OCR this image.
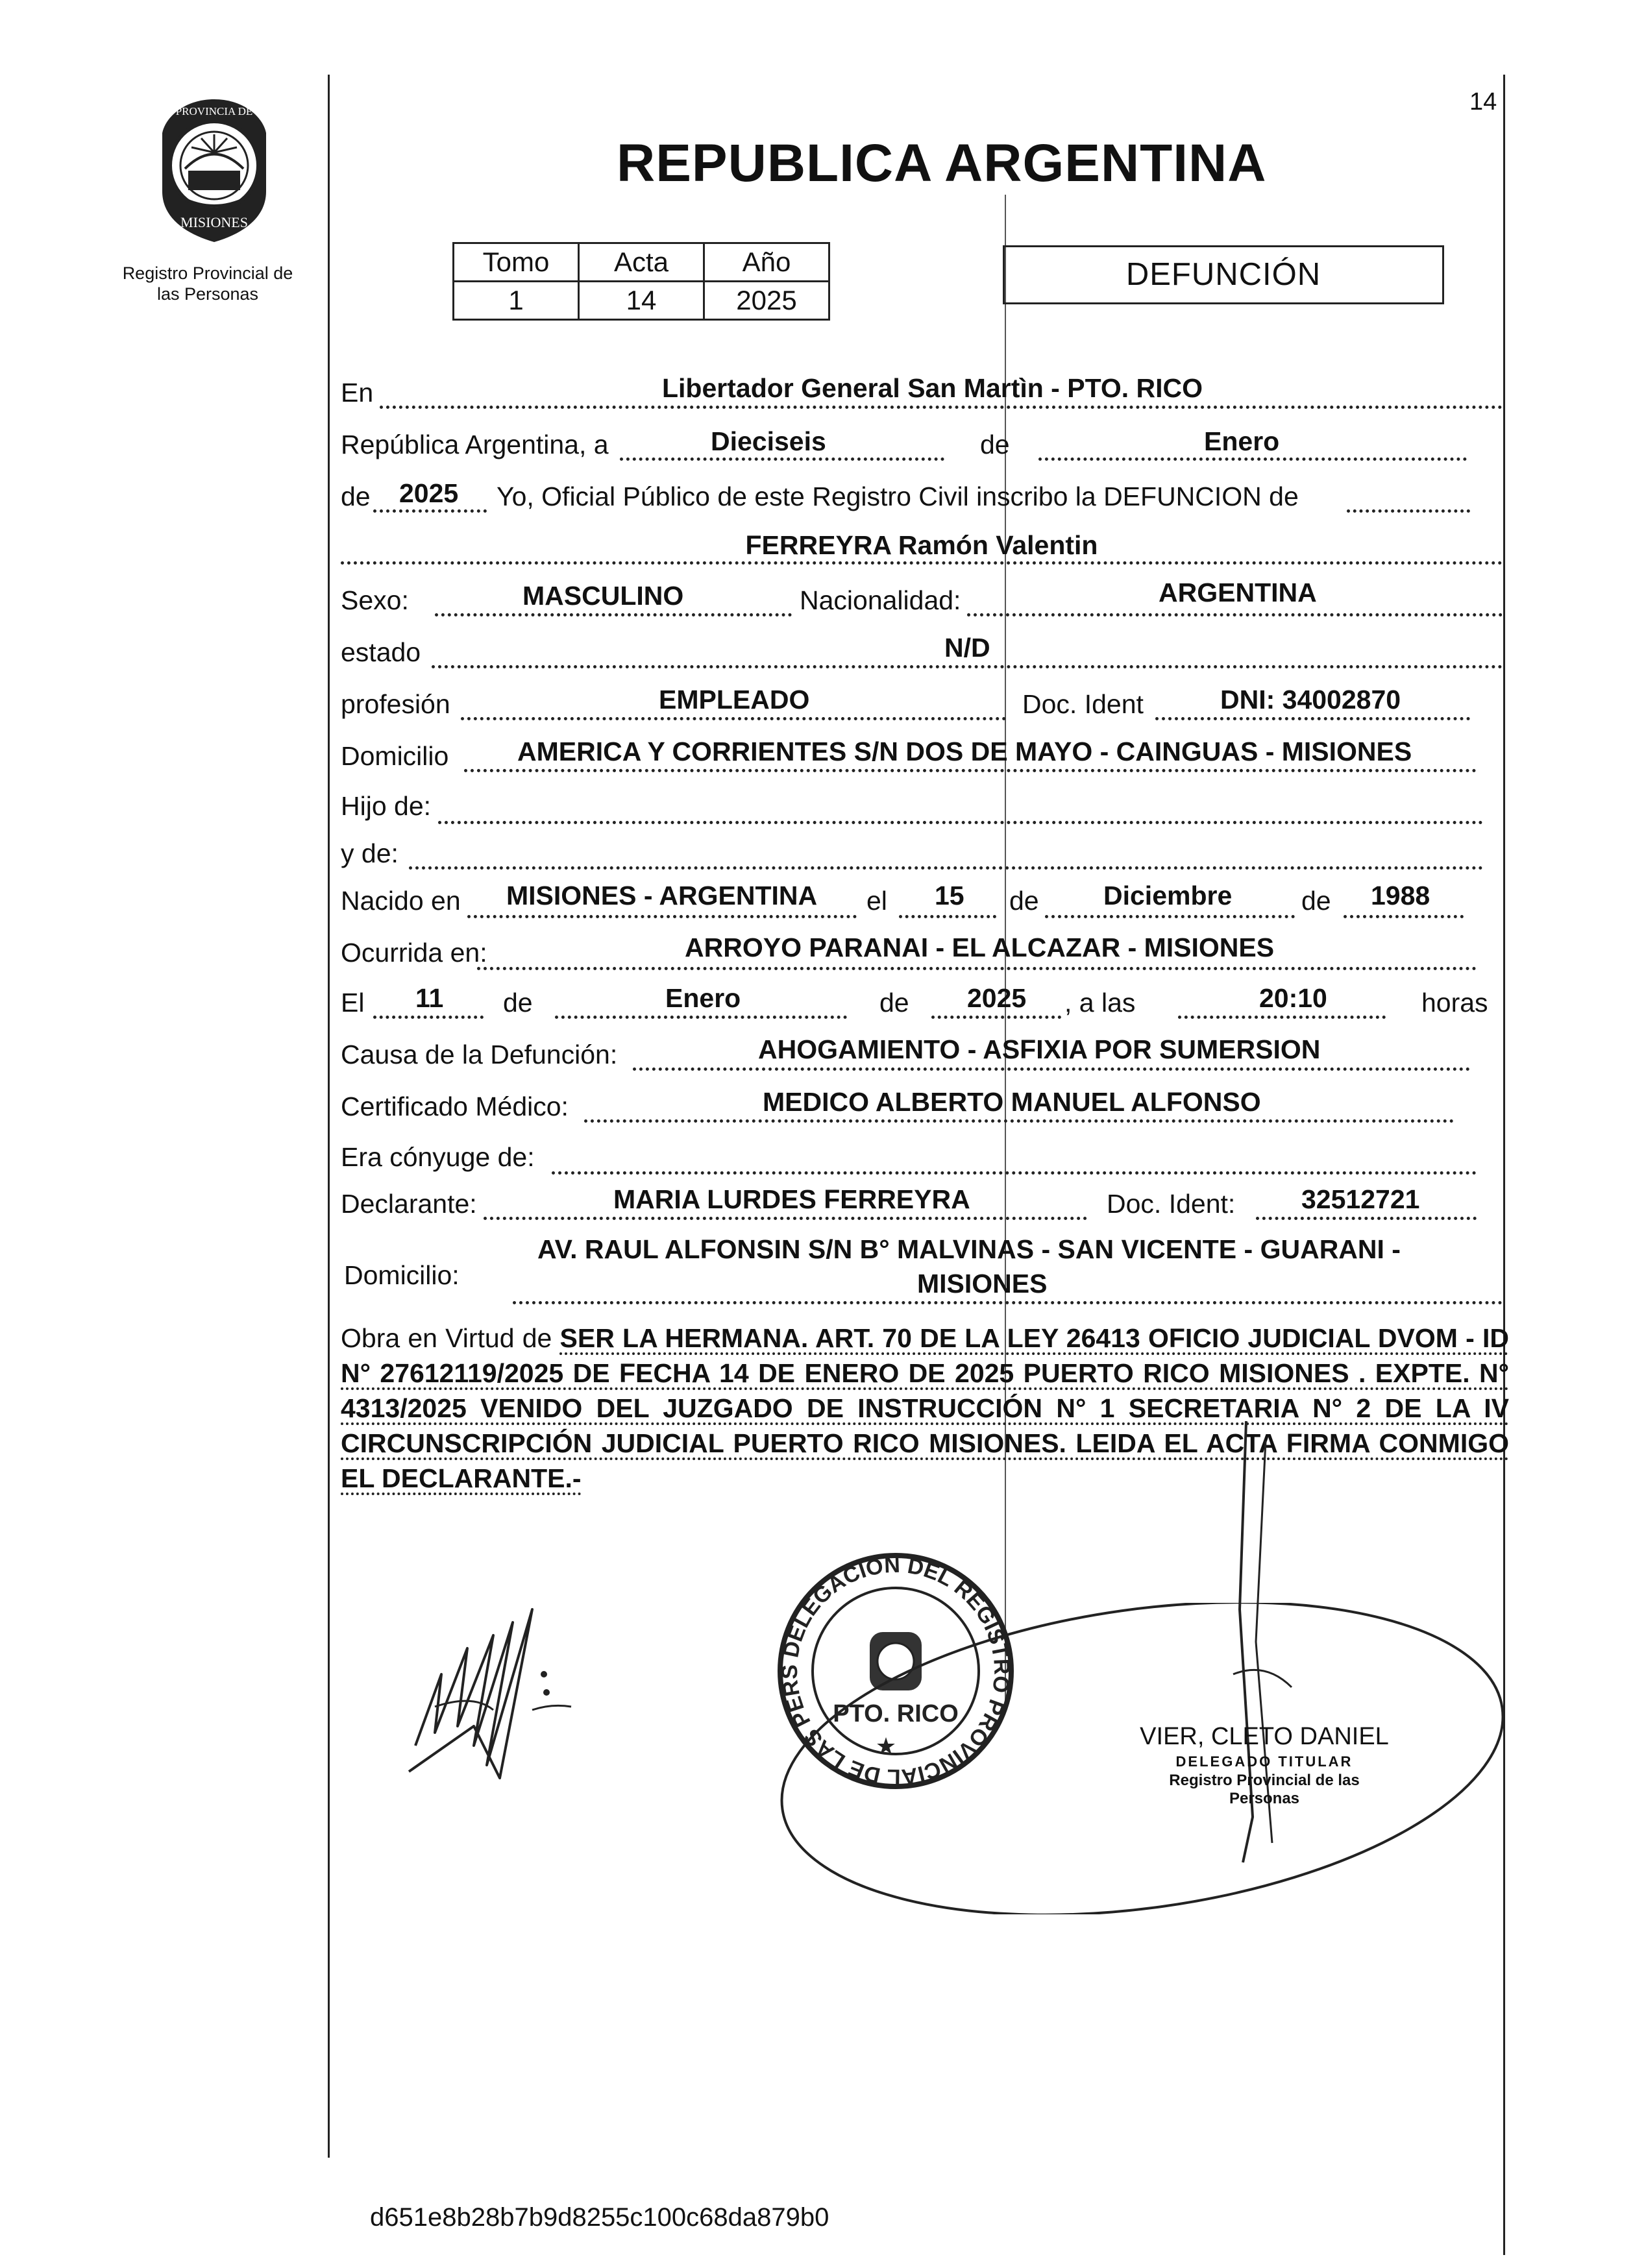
14
PROVINCIA DE
MISIONES
Registro Provincial de
las Personas
REPUBLICA ARGENTINA
Tomo	Acta	Año
1	14	2025
DEFUNCIÓN
En	Libertador General San Martìn - PTO. RICO
República Argentina, a	Dieciseis	de	Enero
de 2025 Yo, Oficial Público de este Registro Civil inscribo la DEFUNCION de
FERREYRA Ramón Valentin
Sexo:	MASCULINO	Nacionalidad:	ARGENTINA
estado	N/D
profesión	EMPLEADO	Doc. Ident	DNI: 34002870
Domicilio	AMERICA Y CORRIENTES S/N DOS DE MAYO - CAINGUAS - MISIONES
Hijo de:
y de:
Nacido en MISIONES - ARGENTINA el 15 de Diciembre	de 1988
Ocurrida en:	ARROYO PARANAI - EL ALCAZAR - MISIONES
El 11 de	Enero	de 2025 , a las	20:10	horas
Causa de la Defunción:	AHOGAMIENTO - ASFIXIA POR SUMERSION
Certificado Médico:	MEDICO ALBERTO MANUEL ALFONSO
Era cónyuge de:
Declarante:	MARIA LURDES FERREYRA	Doc. Ident: 32512721
Domicilio:
AV. RAUL ALFONSIN S/N B° MALVINAS - SAN VICENTE - GUARANI -
MISIONES
Obra en Virtud de SER LA HERMANA. ART. 70 DE LA LEY 26413 OFICIO JUDICIAL DVOM - ID N° 27612119/2025 DE FECHA 14 DE ENERO DE 2025 PUERTO RICO MISIONES . EXPTE. N° 4313/2025 VENIDO DEL JUZGADO DE INSTRUCCIÓN N° 1 SECRETARIA N° 2 DE LA IV CIRCUNSCRIPCIÓN JUDICIAL PUERTO RICO MISIONES. LEIDA EL ACTA FIRMA CONMIGO EL DECLARANTE.-
DELEGACION DEL REGISTRO PROVINCIAL DE LAS PERS
PTO. RICO
★	VIER, CLETO DANIEL
DELEGADO TITULAR
Registro Provincial de las Personas
d651e8b28b7b9d8255c100c68da879b0
